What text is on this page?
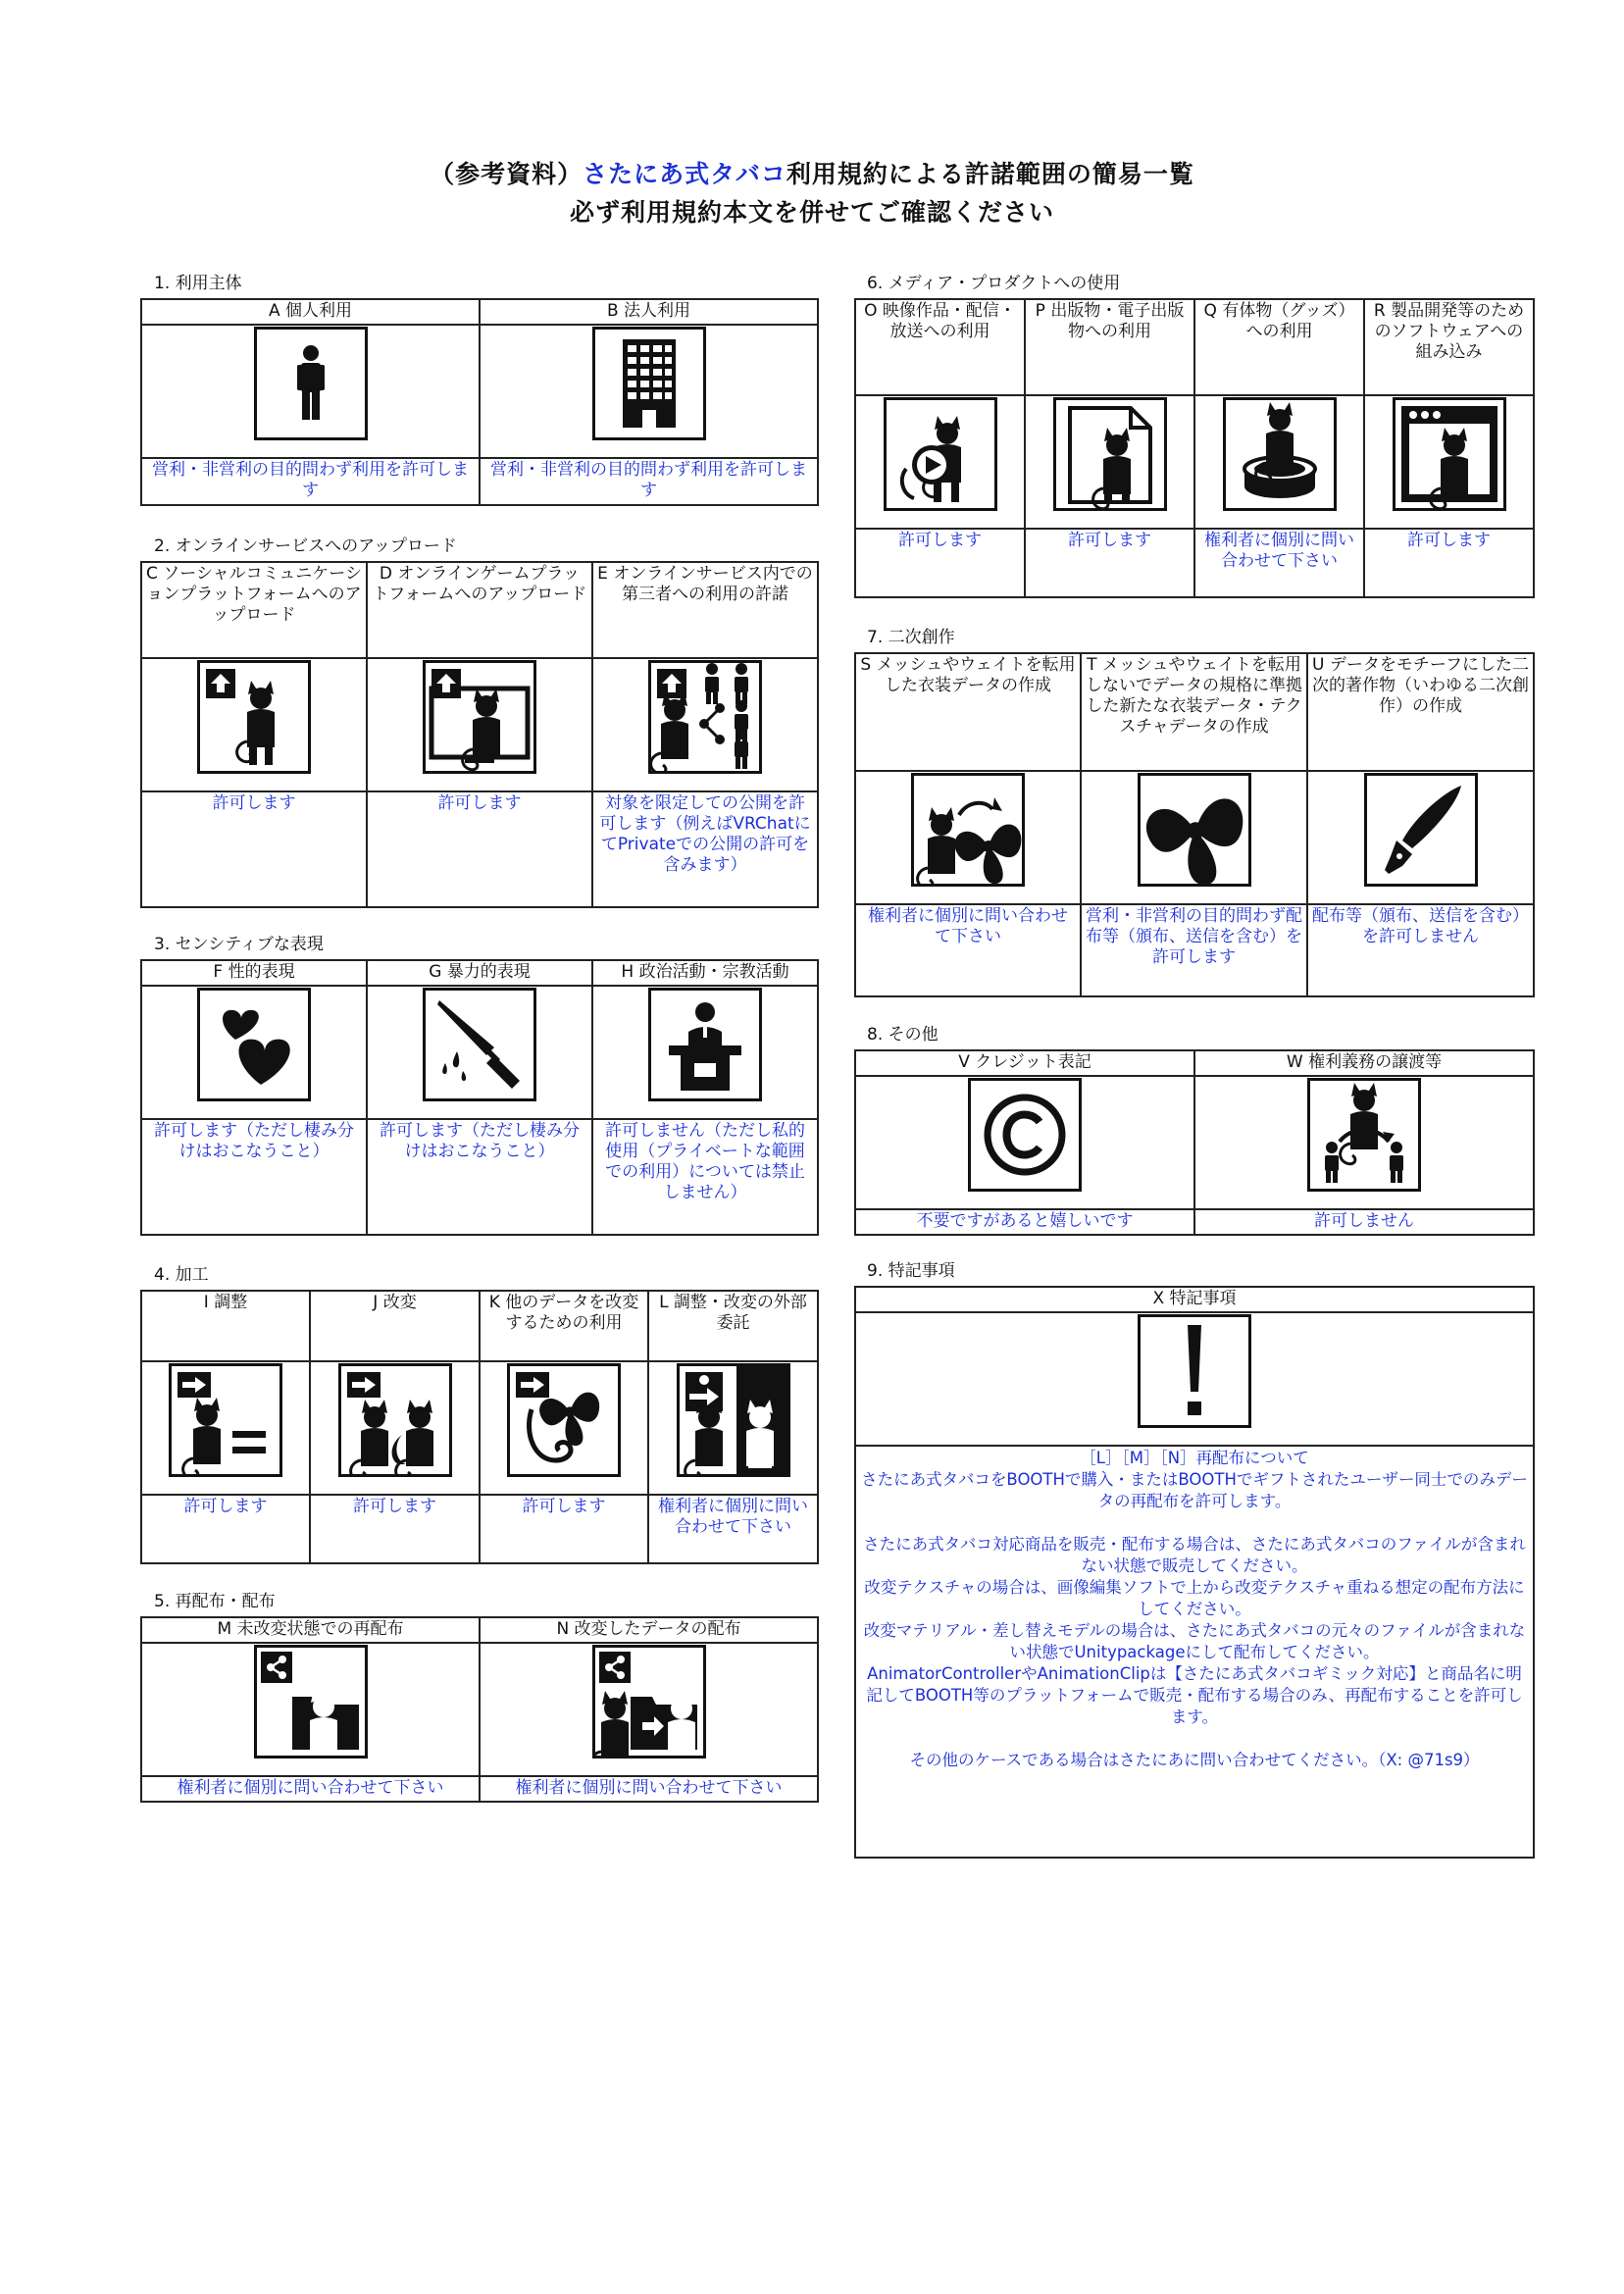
（参考資料）さたにあ式タバコ利用規約による許諾範囲の簡易一覧
必ず利用規約本文を併せてご確認ください
1. 利用主体
A 個人利用	B 法人利用

営利・非営利の目的問わず利用を許可します	営利・非営利の目的問わず利用を許可します
2. オンラインサービスへのアップロード
C ソーシャルコミュニケーションプラットフォームへのアップロード	D オンラインゲームプラットフォームへのアップロード	E オンラインサービス内での第三者への利用の許諾

許可します	許可します	対象を限定しての公開を許可します（例えばVRChatにてPrivateでの公開の許可を含みます）
3. センシティブな表現
F 性的表現	G 暴力的表現	H 政治活動・宗教活動

許可します（ただし棲み分けはおこなうこと）	許可します（ただし棲み分けはおこなうこと）	許可しません（ただし私的使用（プライベートな範囲での利用）については禁止しません）
4. 加工
I 調整	J 改変	K 他のデータを改変するための利用	L 調整・改変の外部委託

許可します	許可します	許可します	権利者に個別に問い合わせて下さい
5. 再配布・配布
M 未改変状態での再配布	N 改変したデータの配布

権利者に個別に問い合わせて下さい	権利者に個別に問い合わせて下さい
6. メディア・プロダクトへの使用
O 映像作品・配信・放送への利用	P 出版物・電子出版物への利用	Q 有体物（グッズ）への利用	R 製品開発等のためのソフトウェアへの組み込み

許可します	許可します	権利者に個別に問い合わせて下さい	許可します
7. 二次創作
S メッシュやウェイトを転用した衣装データの作成	T メッシュやウェイトを転用しないでデータの規格に準拠した新たな衣装データ・テクスチャデータの作成	U データをモチーフにした二次的著作物（いわゆる二次創作）の作成

権利者に個別に問い合わせて下さい	営利・非営利の目的問わず配布等（頒布、送信を含む）を許可します	配布等（頒布、送信を含む）を許可しません
8. その他
V クレジット表記	W 権利義務の譲渡等

不要ですがあると嬉しいです	許可しません
9. 特記事項
X 特記事項

［L］［M］［N］再配布について

さたにあ式タバコをBOOTHで購入・またはBOOTHでギフトされたユーザー同士でのみデータの再配布を許可します。

さたにあ式タバコ対応商品を販売・配布する場合は、さたにあ式タバコのファイルが含まれない状態で販売してください。

改変テクスチャの場合は、画像編集ソフトで上から改変テクスチャ重ねる想定の配布方法にしてください。

改変マテリアル・差し替えモデルの場合は、さたにあ式タバコの元々のファイルが含まれない状態でUnitypackageにして配布してください。

AnimatorControllerやAnimationClipは【さたにあ式タバコギミック対応】と商品名に明記してBOOTH等のプラットフォームで販売・配布する場合のみ、再配布することを許可します。

その他のケースである場合はさたにあに問い合わせてください。（X: @71s9）
